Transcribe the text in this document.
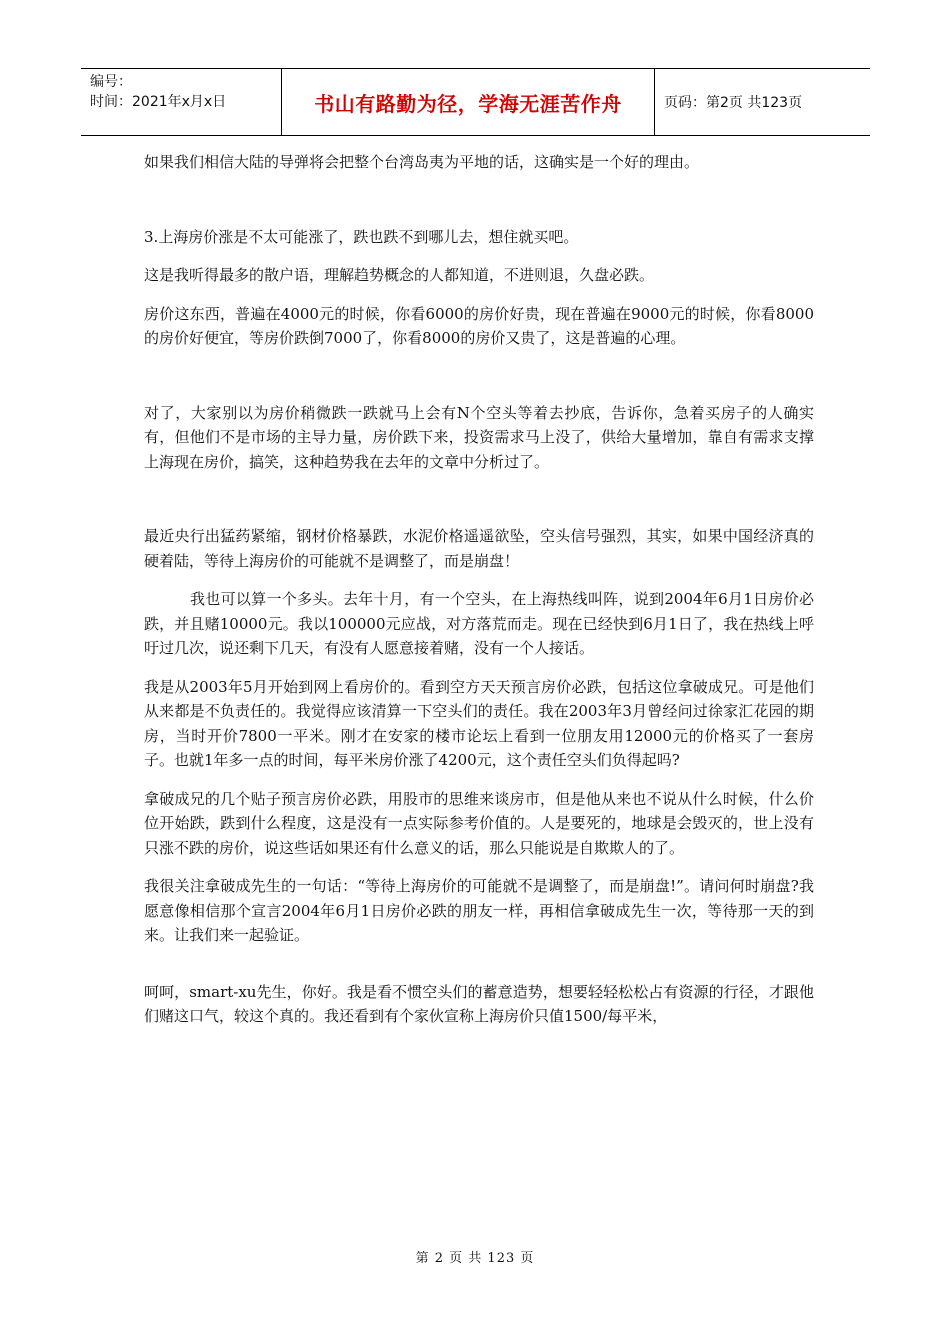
编号：
时间：2021年x月x日	书山有路勤为径，学海无涯苦作舟	页码：第2页 共123页

如果我们相信大陆的导弹将会把整个台湾岛夷为平地的话，这确实是一个好的理由。

3.上海房价涨是不太可能涨了，跌也跌不到哪儿去，想住就买吧。

这是我听得最多的散户语，理解趋势概念的人都知道，不进则退，久盘必跌。

房价这东西，普遍在4000元的时候，你看6000的房价好贵，现在普遍在9000元的时候，你看8000的房价好便宜，等房价跌倒7000了，你看8000的房价又贵了，这是普遍的心理。

对了，大家别以为房价稍微跌一跌就马上会有N个空头等着去抄底，告诉你，急着买房子的人确实有，但他们不是市场的主导力量，房价跌下来，投资需求马上没了，供给大量增加，靠自有需求支撑上海现在房价，搞笑，这种趋势我在去年的文章中分析过了。

最近央行出猛药紧缩，钢材价格暴跌，水泥价格遥遥欲坠，空头信号强烈，其实，如果中国经济真的硬着陆，等待上海房价的可能就不是调整了，而是崩盘！

我也可以算一个多头。去年十月，有一个空头，在上海热线叫阵，说到2004年6月1日房价必跌，并且赌10000元。我以100000元应战，对方落荒而走。现在已经快到6月1日了，我在热线上呼吁过几次，说还剩下几天，有没有人愿意接着赌，没有一个人接话。

我是从2003年5月开始到网上看房价的。看到空方天天预言房价必跌，包括这位拿破成兄。可是他们从来都是不负责任的。我觉得应该清算一下空头们的责任。我在2003年3月曾经问过徐家汇花园的期房，当时开价7800一平米。刚才在安家的楼市论坛上看到一位朋友用12000元的价格买了一套房子。也就1年多一点的时间，每平米房价涨了4200元，这个责任空头们负得起吗?

拿破成兄的几个贴子预言房价必跌，用股市的思维来谈房市，但是他从来也不说从什么时候，什么价位开始跌，跌到什么程度，这是没有一点实际参考价值的。人是要死的，地球是会毁灭的，世上没有只涨不跌的房价，说这些话如果还有什么意义的话，那么只能说是自欺欺人的了。

我很关注拿破成先生的一句话：“等待上海房价的可能就不是调整了，而是崩盘!”。请问何时崩盘?我愿意像相信那个宣言2004年6月1日房价必跌的朋友一样，再相信拿破成先生一次，等待那一天的到来。让我们来一起验证。

呵呵，smart-xu先生，你好。我是看不惯空头们的蓄意造势，想要轻轻松松占有资源的行径，才跟他们赌这口气，较这个真的。我还看到有个家伙宣称上海房价只值1500/每平米，

第 2 页 共 123 页
